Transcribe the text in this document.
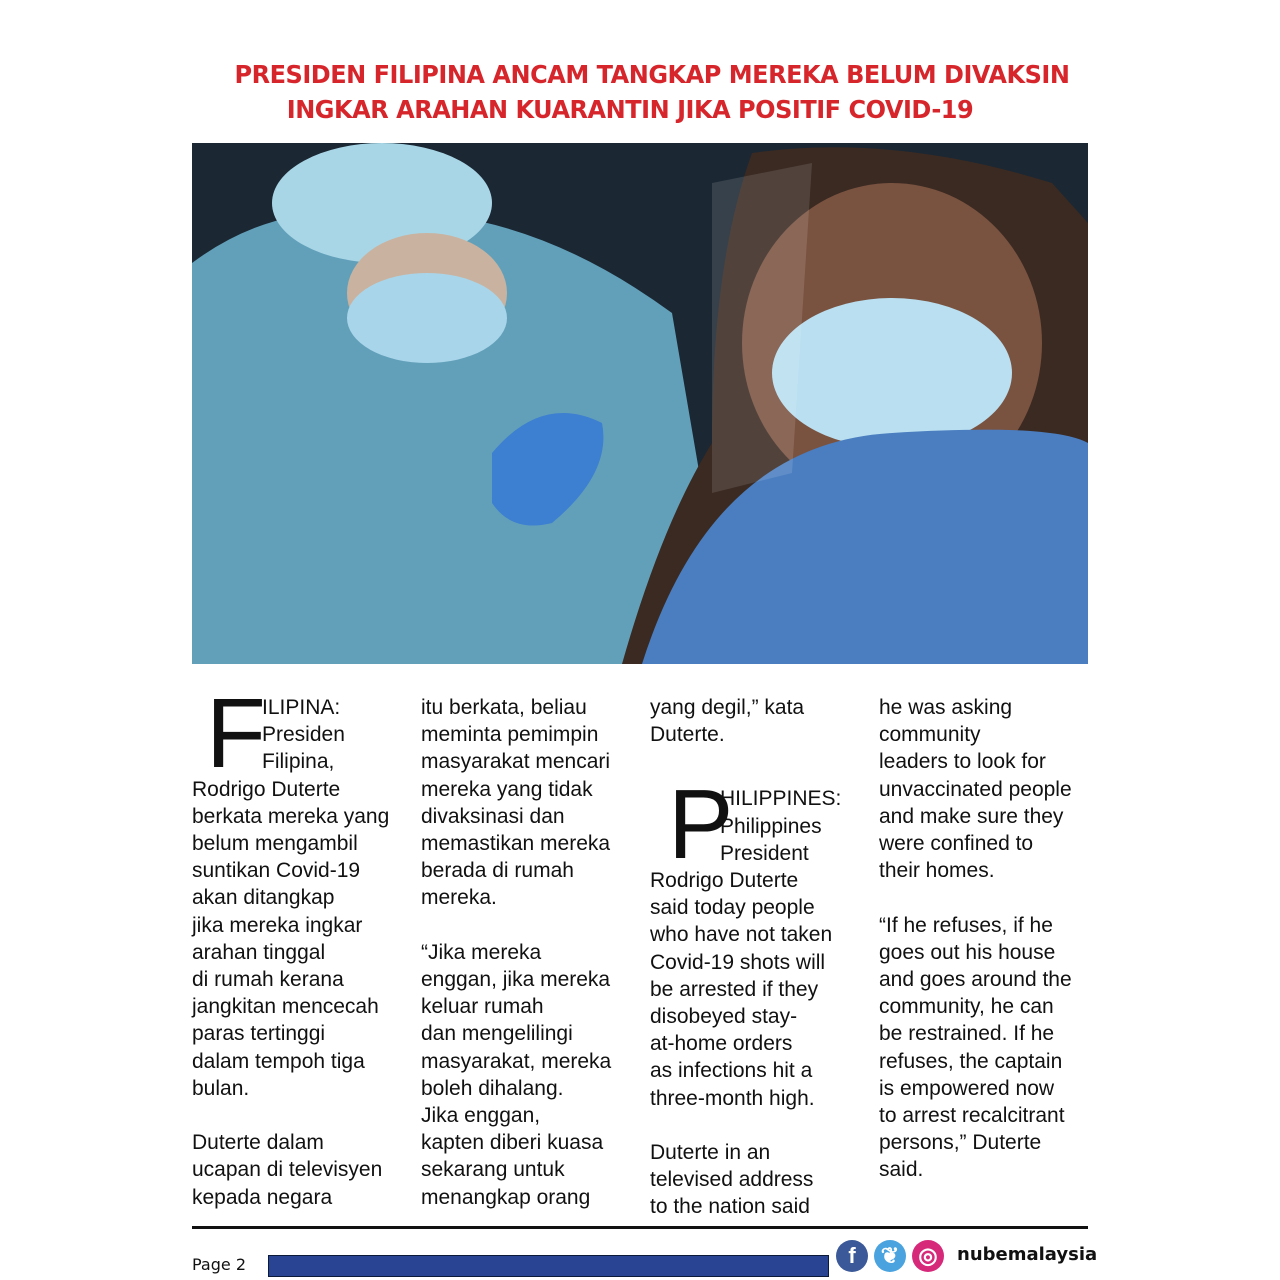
PRESIDEN FILIPINA ANCAM TANGKAP MEREKA BELUM DIVAKSIN
INGKAR ARAHAN KUARANTIN JIKA POSITIF COVID-19
F
ILIPINA:
Presiden
Filipina,
Rodrigo Duterte
berkata mereka yang
belum mengambil
suntikan Covid-19
akan ditangkap
jika mereka ingkar
arahan tinggal
di rumah kerana
jangkitan mencecah
paras tertinggi
dalam tempoh tiga
bulan.
Duterte dalam
ucapan di televisyen
kepada negara
itu berkata, beliau
meminta pemimpin
masyarakat mencari
mereka yang tidak
divaksinasi dan
memastikan mereka
berada di rumah
mereka.
“Jika mereka
enggan, jika mereka
keluar rumah
dan mengelilingi
masyarakat, mereka
boleh dihalang.
Jika enggan,
kapten diberi kuasa
sekarang untuk
menangkap orang
yang degil,” kata
Duterte.
P
HILIPPINES:
Philippines
President
Rodrigo Duterte
said today people
who have not taken
Covid-19 shots will
be arrested if they
disobeyed stay-
at-home orders
as infections hit a
three-month high.
Duterte in an
televised address
to the nation said
he was asking
community
leaders to look for
unvaccinated people
and make sure they
were confined to
their homes.
“If he refuses, if he
goes out his house
and goes around the
community, he can
be restrained. If he
refuses, the captain
is empowered now
to arrest recalcitrant
persons,” Duterte
said.
Page 2	f	❦ ◎	nubemalaysia
